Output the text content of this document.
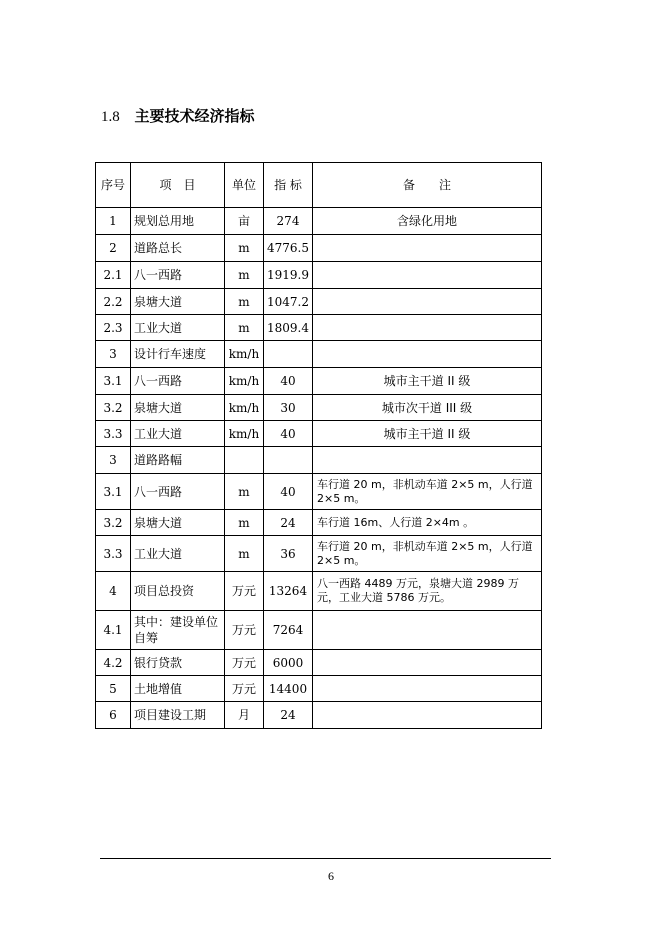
1.8 主要技术经济指标
序号	项　目	单位	指 标	备　　注
1	规划总用地	亩	274	含绿化用地
2	道路总长	m	4776.5	
2.1	八一西路	m	1919.9	
2.2	泉塘大道	m	1047.2	
2.3	工业大道	m	1809.4	
3	设计行车速度	km/h		
3.1	八一西路	km/h	40	城市主干道 II 级
3.2	泉塘大道	km/h	30	城市次干道 III 级
3.3	工业大道	km/h	40	城市主干道 II 级
3	道路路幅			
3.1	八一西路	m	40	车行道 20 m，非机动车道 2×5 m，人行道 2×5 m。
3.2	泉塘大道	m	24	车行道 16m、人行道 2×4m 。
3.3	工业大道	m	36	车行道 20 m，非机动车道 2×5 m，人行道 2×5 m。
4	项目总投资	万元	13264	八一西路 4489 万元，泉塘大道 2989 万元，工业大道 5786 万元。
4.1	其中：建设单位自筹	万元	7264	
4.2	银行贷款	万元	6000	
5	土地增值	万元	14400	
6	项目建设工期	月	24	
6
